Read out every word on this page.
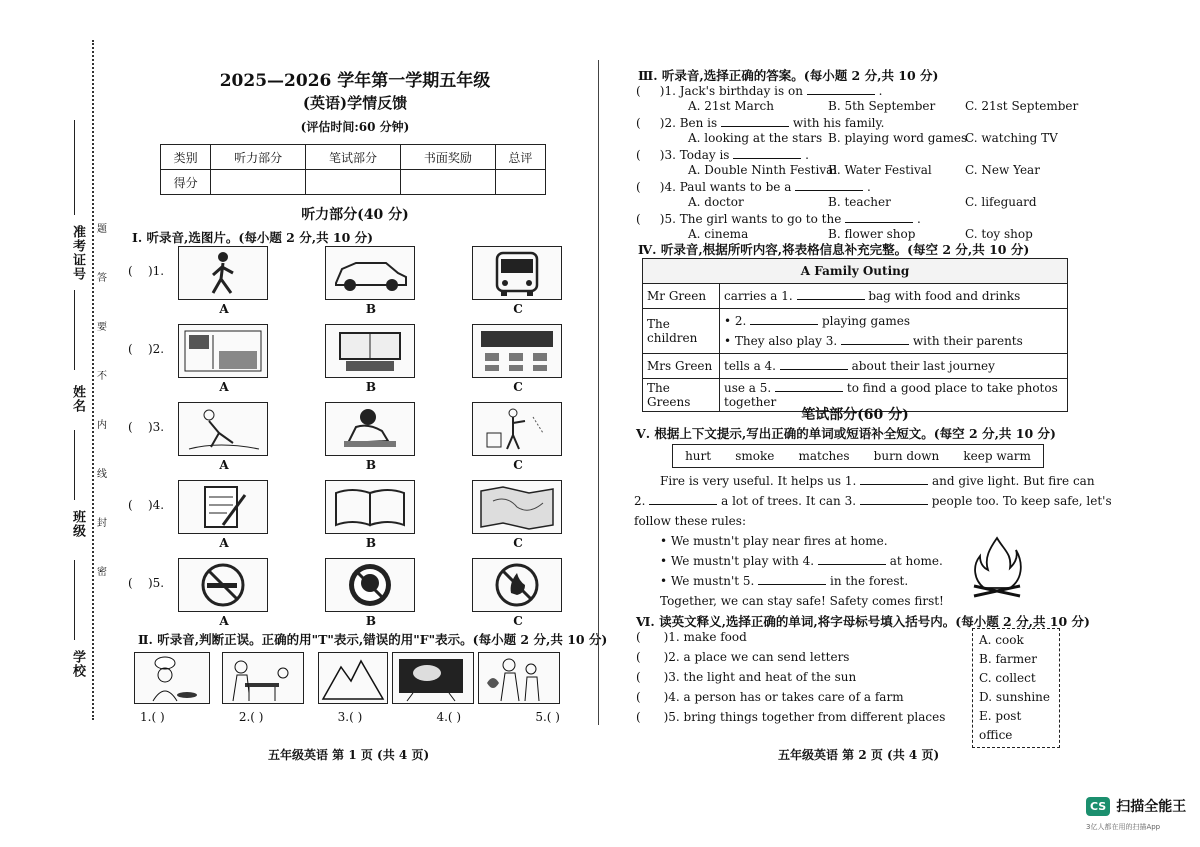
学校
班级
姓名
准考证号 题
答
要
不
内
线
封
密
2025—2026 学年第一学期五年级
(英语)学情反馈
(评估时间:60 分钟)
类别	听力部分	笔试部分	书面奖励	总评
得分				
听力部分(40 分)
Ⅰ. 听录音,选图片。(每小题 2 分,共 10 分)
(    )1.
A	B	C
(    )2.
A	B	C
(    )3.
A	B	C
(    )4.
A	B	C
(    )5.
A	B	C
Ⅱ. 听录音,判断正误。正确的用"T"表示,错误的用"F"表示。(每小题 2 分,共 10 分)
1.( )	2.( )	3.( )	4.( )	5.( )
五年级英语 第 1 页 (共 4 页)
Ⅲ. 听录音,选择正确的答案。(每小题 2 分,共 10 分)
( )1. Jack's birthday is on	.
A. 21st March	B. 5th September C. 21st September
( )2. Ben is	with his family.
A. looking at the stars B. playing word games
C. watching TV
( )3. Today is	.
A. Double Ninth Festival
B. Water Festival	C. New Year
( )4. Paul wants to be a	.
A. doctor	B. teacher	C. lifeguard
( )5. The girl wants to go to the	.
A. cinema	B. flower shop	C. toy shop
Ⅳ. 听录音,根据所听内容,将表格信息补充完整。(每空 2 分,共 10 分)
A Family Outing	
Mr Green	carries a 1. bag with food and drinks
The children	• 2. playing games
• They also play 3. with their parents

Mrs Green	tells a 4. about their last journey
The Greens	use a 5. to find a good place to take photos together
笔试部分(60 分)
Ⅴ. 根据上下文提示,写出正确的单词或短语补全短文。(每空 2 分,共 10 分)
hurt smoke matches burn down keep warm
Fire is very useful. It helps us 1.	and give light. But fire can
2.	a lot of trees. It can 3.	people too. To keep safe, let's
follow these rules:
• We mustn't play near fires at home.
• We mustn't play with 4.	at home.
• We mustn't 5.	in the forest.
Together, we can stay safe! Safety comes first!
Ⅵ. 读英文释义,选择正确的单词,将字母标号填入括号内。(每小题 2 分,共 10 分)
(      )1. make food
(      )2. a place we can send letters
(      )3. the light and heat of the sun
(      )4. a person has or takes care of a farm
(      )5. bring things together from different places
A. cook
B. farmer
C. collect
D. sunshine
E. post office
五年级英语 第 2 页 (共 4 页)
CS 扫描全能王
3亿人都在用的扫描App
